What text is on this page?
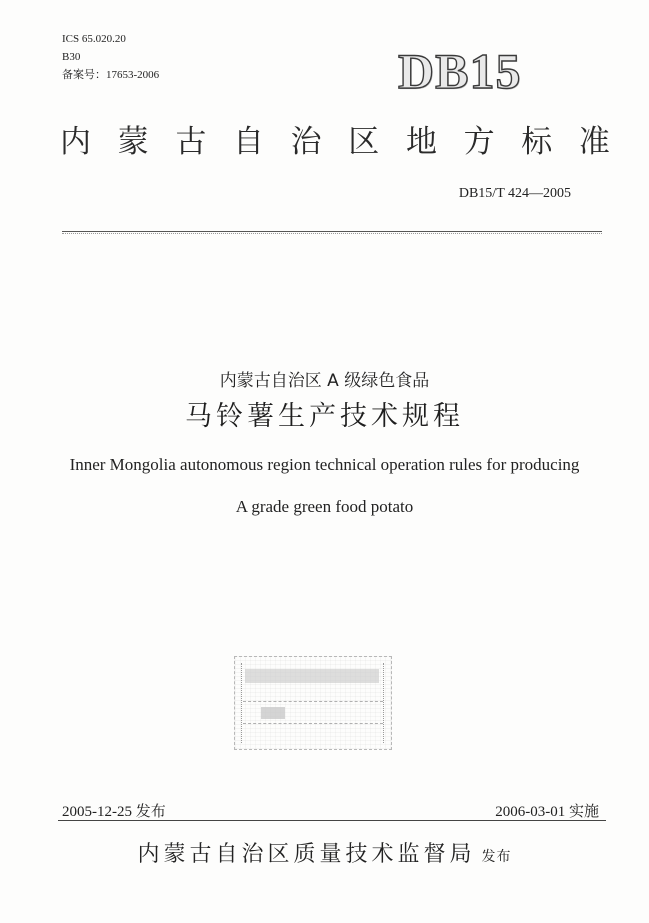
ICS 65.020.20
B30
备案号：17653-2006	DB15
内 蒙 古 自 治 区 地 方 标 准
DB15/T 424—2005
内蒙古自治区 A 级绿色食品
马铃薯生产技术规程
Inner Mongolia autonomous region technical operation rules for producing
A grade green food potato
2005-12-25 发布	2006-03-01 实施
内蒙古自治区质量技术监督局 发布
